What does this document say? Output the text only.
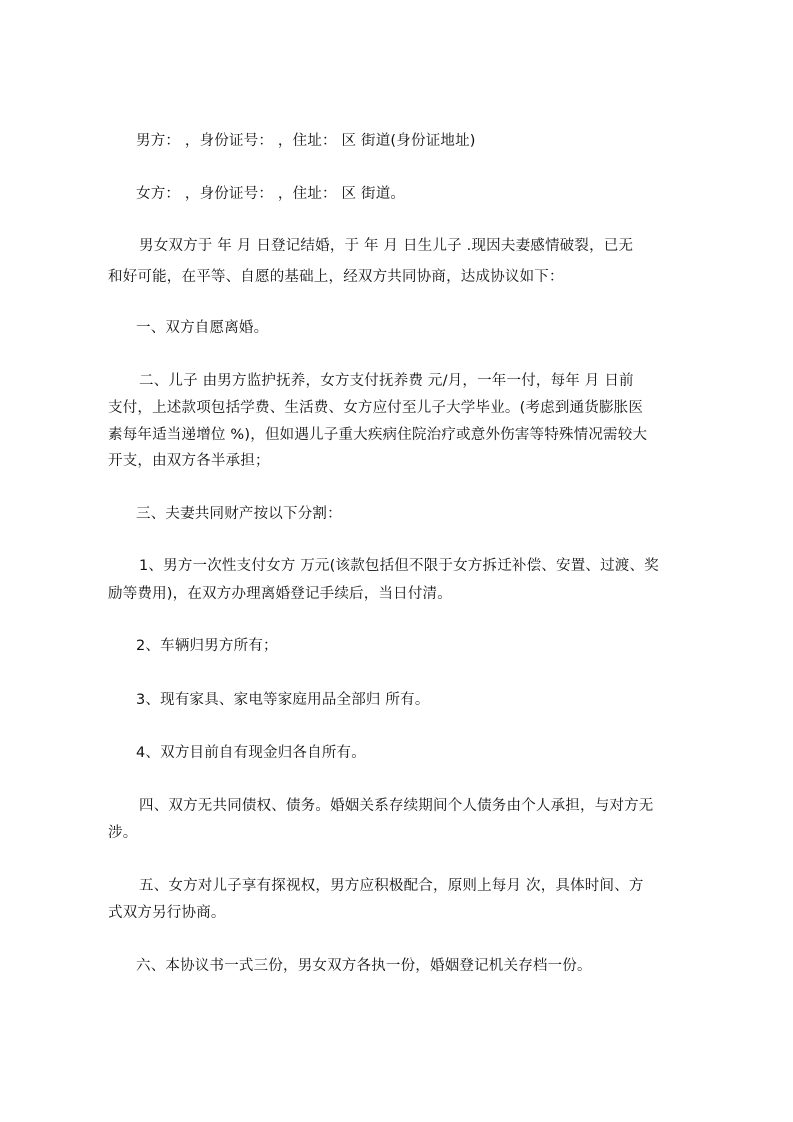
男方： ，身份证号： ，住址： 区 街道(身份证地址)
女方： ，身份证号： ，住址： 区 街道。
男女双方于 年 月 日登记结婚，于 年 月 日生儿子 .现因夫妻感情破裂，已无
和好可能，在平等、自愿的基础上，经双方共同协商，达成协议如下：
一、双方自愿离婚。
二、儿子 由男方监护抚养，女方支付抚养费 元/月，一年一付，每年 月 日前
支付，上述款项包括学费、生活费、女方应付至儿子大学毕业。(考虑到通货膨胀医
素每年适当递增位 %)，但如遇儿子重大疾病住院治疗或意外伤害等特殊情况需较大
开支，由双方各半承担；
三、夫妻共同财产按以下分割：
1、男方一次性支付女方 万元(该款包括但不限于女方拆迁补偿、安置、过渡、奖
励等费用)，在双方办理离婚登记手续后，当日付清。
2、车辆归男方所有；
3、现有家具、家电等家庭用品全部归 所有。
4、双方目前自有现金归各自所有。
四、双方无共同债权、债务。婚姻关系存续期间个人债务由个人承担，与对方无
涉。
五、女方对儿子享有探视权，男方应积极配合，原则上每月 次，具体时间、方
式双方另行协商。
六、本协议书一式三份，男女双方各执一份，婚姻登记机关存档一份。
